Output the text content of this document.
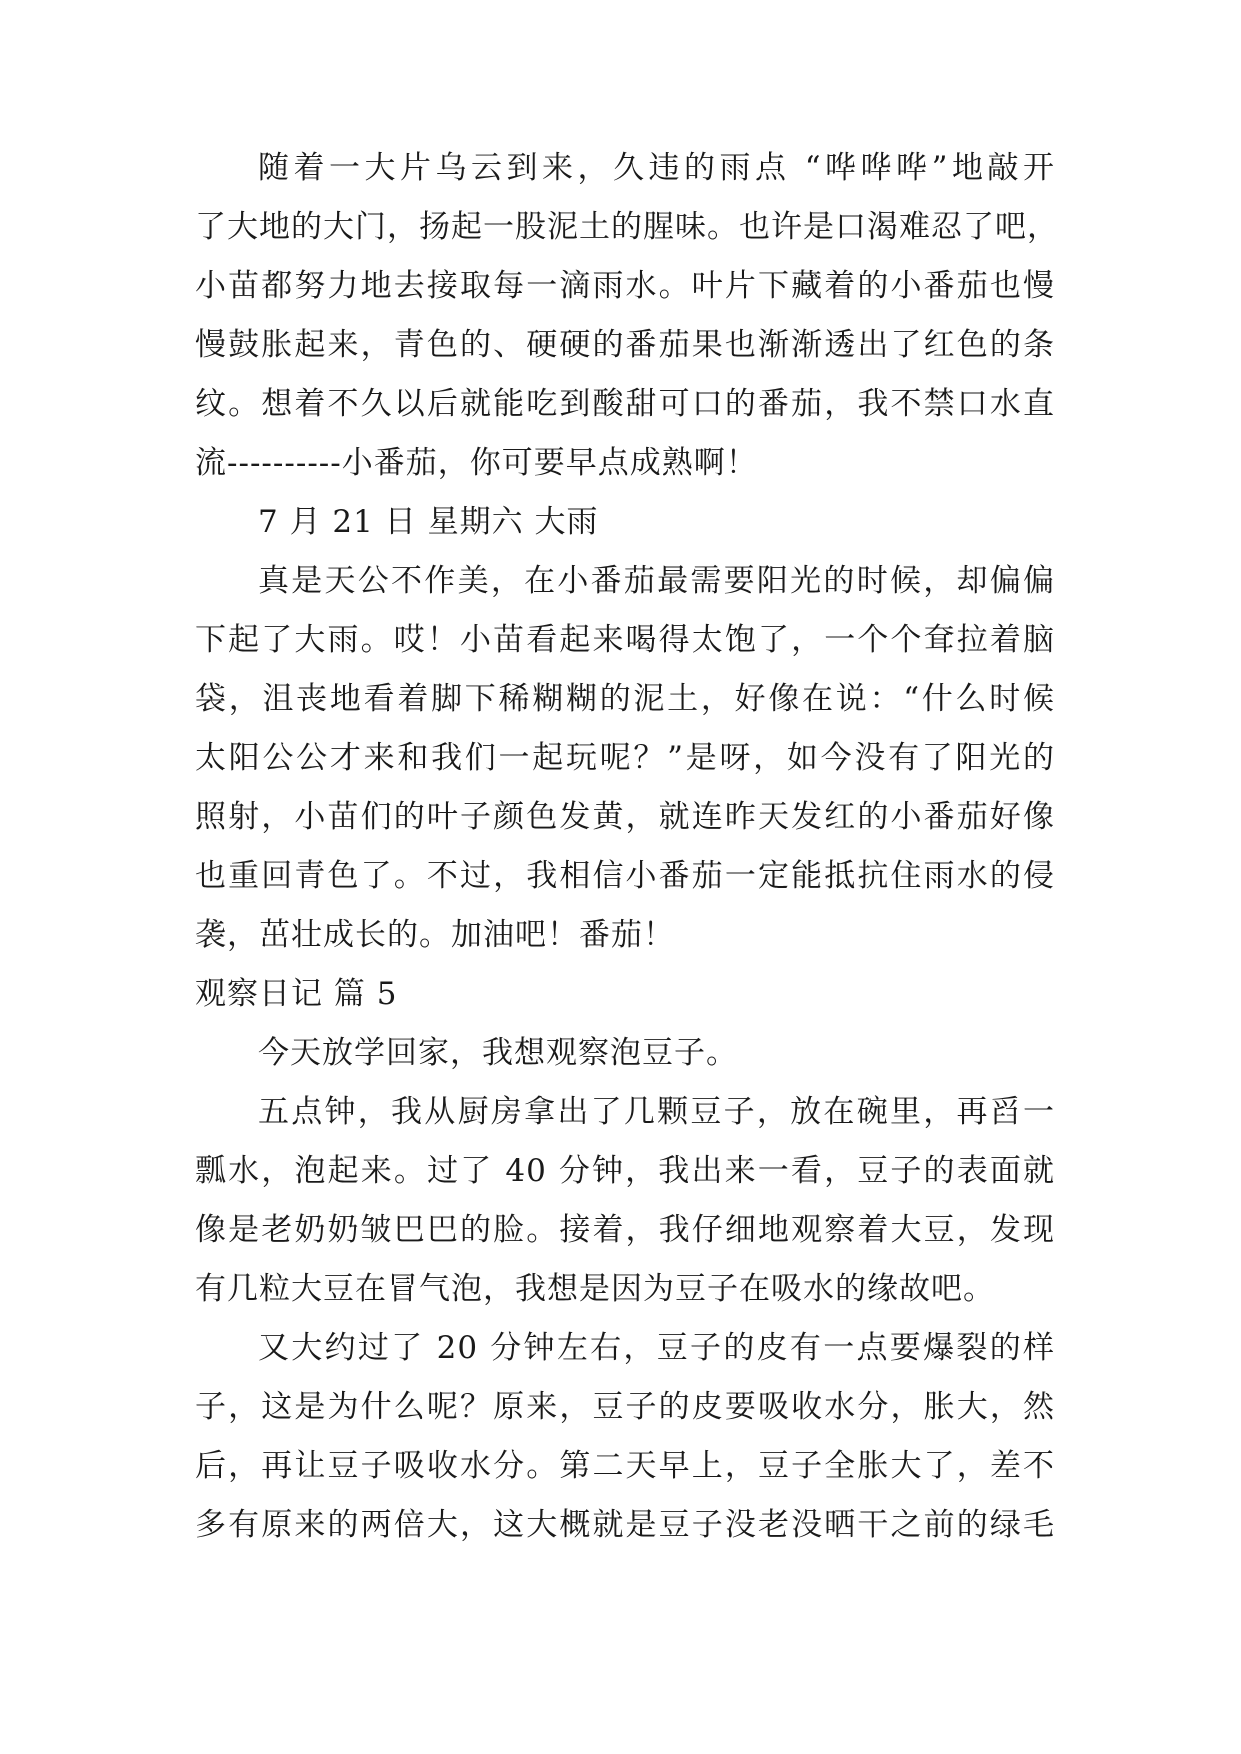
随着一大片乌云到来，久违的雨点 “哗哗哗”地敲开
了大地的大门，扬起一股泥土的腥味。也许是口渴难忍了吧，
小苗都努力地去接取每一滴雨水。叶片下藏着的小番茄也慢
慢鼓胀起来，青色的、硬硬的番茄果也渐渐透出了红色的条
纹。想着不久以后就能吃到酸甜可口的番茄，我不禁口水直
流----------小番茄，你可要早点成熟啊！
7 月 21 日 星期六 大雨
真是天公不作美，在小番茄最需要阳光的时候，却偏偏
下起了大雨。哎！小苗看起来喝得太饱了，一个个耷拉着脑
袋，沮丧地看着脚下稀糊糊的泥土，好像在说：“什么时候
太阳公公才来和我们一起玩呢？”是呀，如今没有了阳光的
照射，小苗们的叶子颜色发黄，就连昨天发红的小番茄好像
也重回青色了。不过，我相信小番茄一定能抵抗住雨水的侵
袭，茁壮成长的。加油吧！番茄！
观察日记 篇 5
今天放学回家，我想观察泡豆子。
五点钟，我从厨房拿出了几颗豆子，放在碗里，再舀一
瓢水，泡起来。过了 40 分钟，我出来一看，豆子的表面就
像是老奶奶皱巴巴的脸。接着，我仔细地观察着大豆，发现
有几粒大豆在冒气泡，我想是因为豆子在吸水的缘故吧。
又大约过了 20 分钟左右，豆子的皮有一点要爆裂的样
子，这是为什么呢？原来，豆子的皮要吸收水分，胀大，然
后，再让豆子吸收水分。第二天早上，豆子全胀大了，差不
多有原来的两倍大，这大概就是豆子没老没晒干之前的绿毛
